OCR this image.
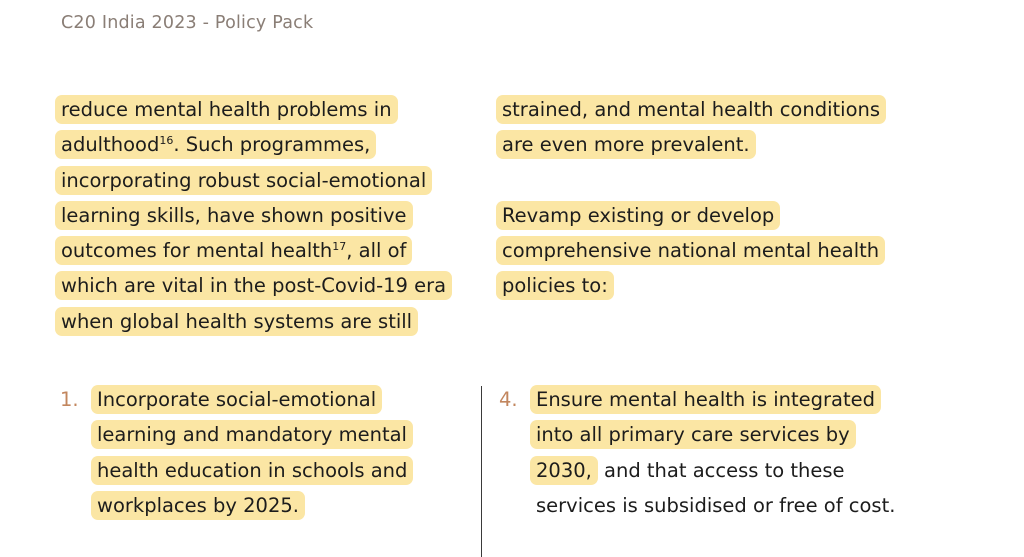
C20 India 2023 - Policy Pack
reduce mental health problems in
adulthood$^{16}$. Such programmes,
incorporating robust social-emotional
learning skills, have shown positive
outcomes for mental health$^{17}$, all of
which are vital in the post-Covid-19 era
when global health systems are still
strained, and mental health conditions
are even more prevalent.
Revamp existing or develop
comprehensive national mental health
policies to:
1. Incorporate social-emotional
learning and mandatory mental
health education in schools and
workplaces by 2025.
4. Ensure mental health is integrated
into all primary care services by
2030, and that access to these
services is subsidised or free of cost.
